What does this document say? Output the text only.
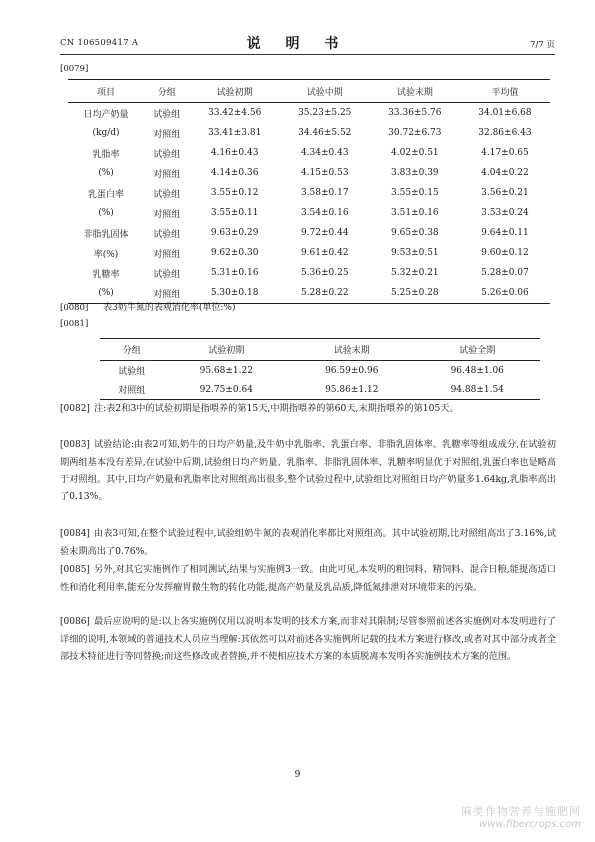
CN 106509417 A	说 明 书	7/7 页
[0079]
项目	分组	试验初期	试验中期	试验末期	平均值
日均产奶量	试验组	33.42±4.56	35.23±5.25	33.36±5.76	34.01±6.68
(kg/d)	对照组	33.41±3.81	34.46±5.52	30.72±6.73	32.86±6.43
乳脂率	试验组	4.16±0.43	4.34±0.43	4.02±0.51	4.17±0.65
(%)	对照组	4.14±0.36	4.15±0.53	3.83±0.39	4.04±0.22
乳蛋白率	试验组	3.55±0.12	3.58±0.17	3.55±0.15	3.56±0.21
(%)	对照组	3.55±0.11	3.54±0.16	3.51±0.16	3.53±0.24
非脂乳固体	试验组	9.63±0.29	9.72±0.44	9.65±0.38	9.64±0.11
率(%)	对照组	9.62±0.30	9.61±0.42	9.53±0.51	9.60±0.12
乳糖率	试验组	5.31±0.16	5.36±0.25	5.32±0.21	5.28±0.07
(%)	对照组	5.30±0.18	5.28±0.22	5.25±0.28	5.26±0.06
[0080] 表3奶牛氮的表观消化率(单位:%)
[0081]
分组	试验初期	试验末期	试验全期
试验组	95.68±1.22	96.59±0.96	96.48±1.06
对照组	92.75±0.64	95.86±1.12	94.88±1.54

[0082] 注:表2和3中的试验初期是指喂养的第15天,中期指喂养的第60天,末期指喂养的第105天。

[0083] 试验结论:由表2可知,奶牛的日均产奶量,及牛奶中乳脂率、乳蛋白率、非脂乳固体率、乳糖率等组成成分,在试验初期两组基本没有差异,在试验中后期,试验组日均产奶量、乳脂率、非脂乳固体率、乳糖率明显优于对照组,乳蛋白率也是略高于对照组。其中,日均产奶量和乳脂率比对照组高出很多,整个试验过程中,试验组比对照组日均产奶量多1.64kg,乳脂率高出了0.13%。

[0084] 由表3可知,在整个试验过程中,试验组奶牛氮的表观消化率都比对照组高。其中试验初期,比对照组高出了3.16%,试验末期高出了0.76%。

[0085] 另外,对其它实施例作了相同测试,结果与实施例3一致。由此可见,本发明的粗饲料、精饲料、混合日粮,能提高适口性和消化利用率,能充分发挥瘤胃微生物的转化功能,提高产奶量及乳品质,降低氮排泄对环境带来的污染。

[0086] 最后应说明的是:以上各实施例仅用以说明本发明的技术方案,而非对其限制;尽管参照前述各实施例对本发明进行了详细的说明,本领域的普通技术人员应当理解:其依然可以对前述各实施例所记载的技术方案进行修改,或者对其中部分或者全部技术特征进行等同替换;而这些修改或者替换,并不使相应技术方案的本质脱离本发明各实施例技术方案的范围。

9
麻类作物营养与施肥网
www.fibercrops.com
